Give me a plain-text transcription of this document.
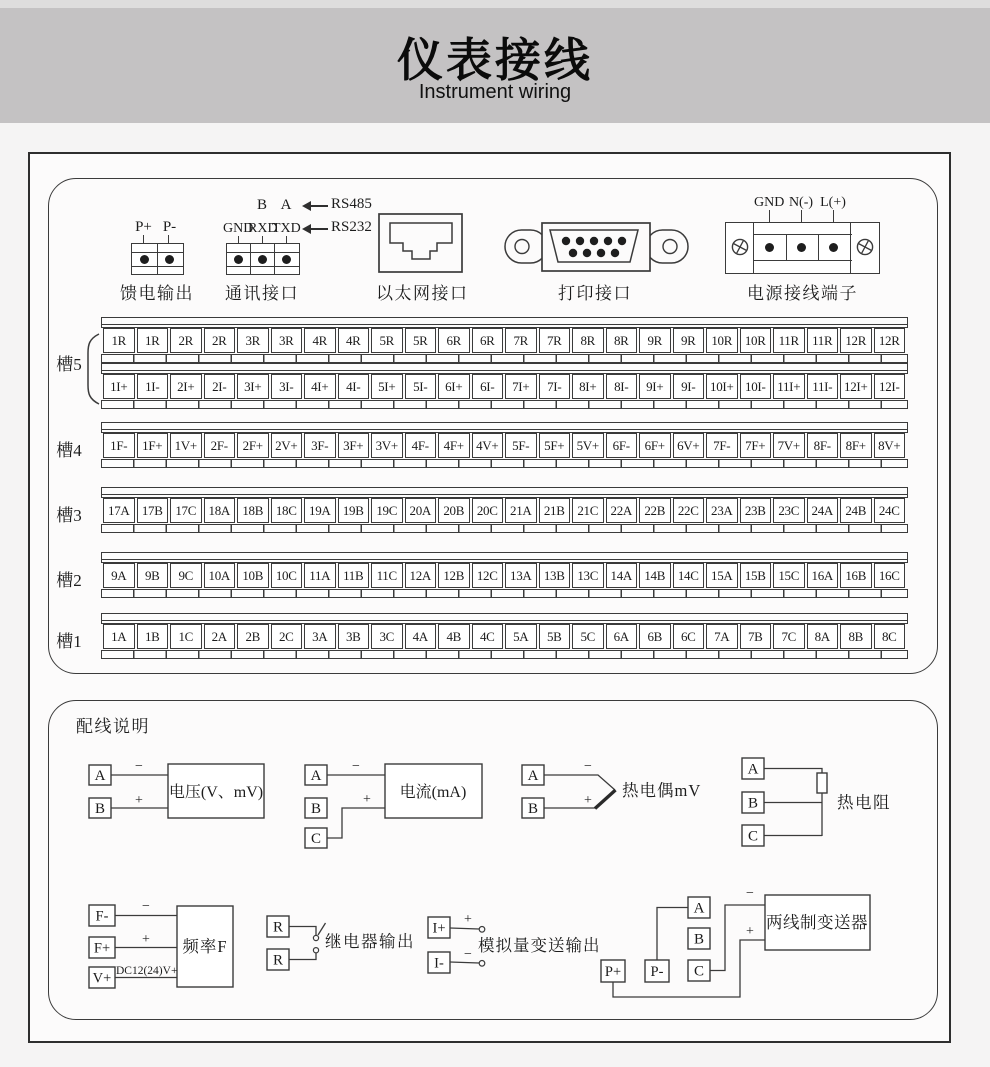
仪表接线
Instrument wiring
P+ P-
馈电输出
GND
RXD
TXD
B A	RS485
RS232
通讯接口	以太网接口	打印接口
GND N(-) L(+)
电源接线端子
槽5
1R	1R	2R	2R	3R	3R	4R	4R	5R	5R	6R	6R	7R	7R	8R	8R	9R	9R	10R 10R 11R	11R 12R 12R
1I+	1I-	2I+	2I-	3I+	3I-	4I+	4I-	5I+	5I-	6I+	6I-	7I+	7I-	8I+	8I-	9I+	9I-	10I+ 10I- 11I+ 11I- 12I+ 12I-
槽4	1F-	1F+ 1V+	2F-	2F+ 2V+	3F-	3F+ 3V+	4F-	4F+ 4V+	5F-	5F+ 5V+	6F-	6F+ 6V+	7F-	7F+ 7V+	8F-	8F+ 8V+
槽3	17A 17B 17C 18A 18B 18C 19A 19B 19C 20A 20B 20C 21A 21B 21C 22A 22B 22C 23A 23B 23C 24A 24B 24C
槽2	9A	9B	9C	10A 10B 10C 11A 11B	11C 12A 12B 12C 13A 13B 13C 14A 14B 14C 15A 15B 15C 16A 16B 16C
槽1	1A	1B	1C	2A	2B	2C	3A	3B	3C	4A	4B	4C	5A	5B	5C	6A	6B	6C	7A	7B	7C	8A	8B	8C
配线说明
A
B
−
+ 电压(V、mV)
A
B
C
−
+ 电流(mA)
A
B
−
+
热电偶mV
A
B
C
热电阻
F-
F+
V+
−
+
DC12(24)V+
频率F
R
R
继电器输出
I+
I-
+
− 模拟量变送输出
P+ P-
A
B
C
−
+ 两线制变送器
